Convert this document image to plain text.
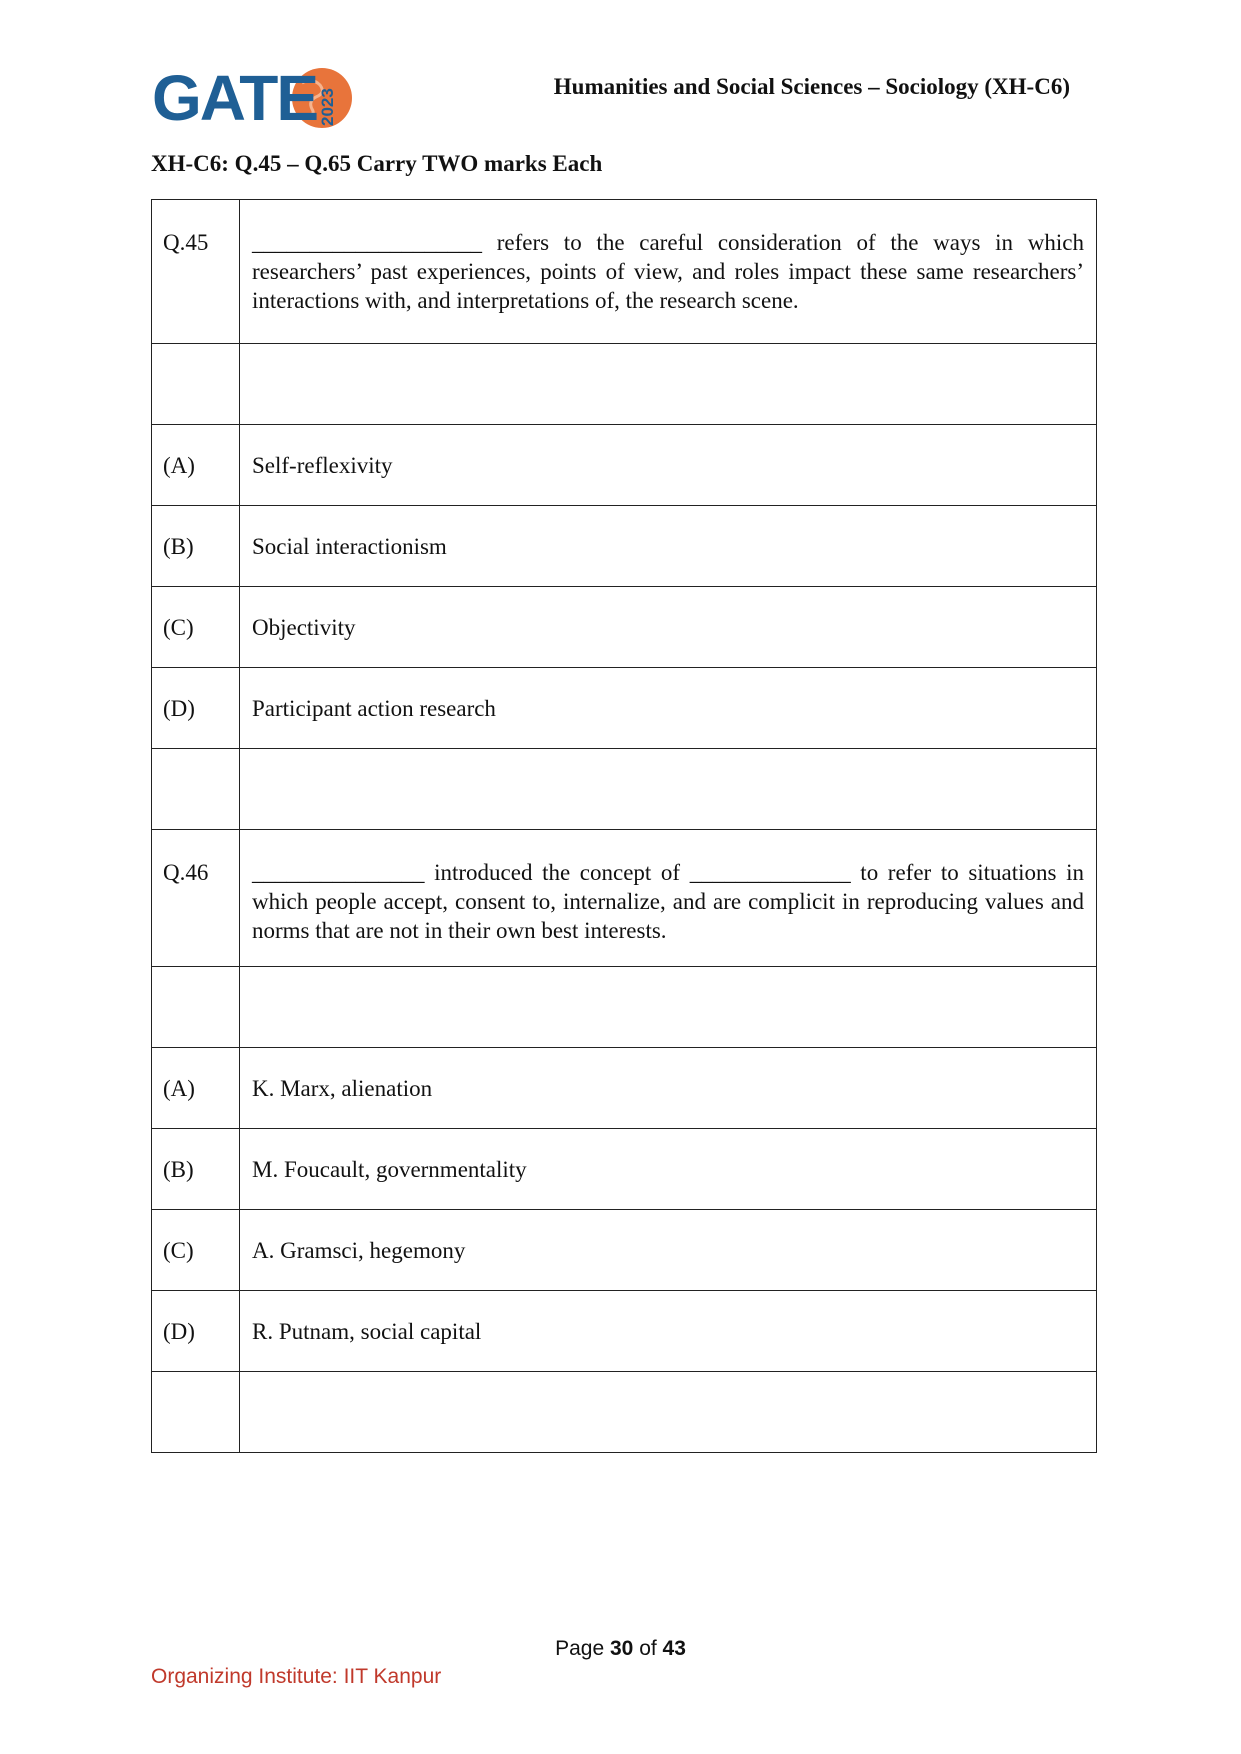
GATE 2023
Humanities and Social Sciences – Sociology (XH-C6)
XH-C6: Q.45 – Q.65 Carry TWO marks Each
Q.45	____________________ refers to the careful consideration of the ways in which researchers’ past experiences, points of view, and roles impact these same researchers’ interactions with, and interpretations of, the research scene.

(A)	Self-reflexivity
(B)	Social interactionism
(C)	Objectivity
(D)	Participant action research

Q.46	_______________ introduced the concept of ______________ to refer to situations in which people accept, consent to, internalize, and are complicit in reproducing values and norms that are not in their own best interests.

(A)	K. Marx, alienation
(B)	M. Foucault, governmentality
(C)	A. Gramsci, hegemony
(D)	R. Putnam, social capital

Page 30 of 43
Organizing Institute: IIT Kanpur
